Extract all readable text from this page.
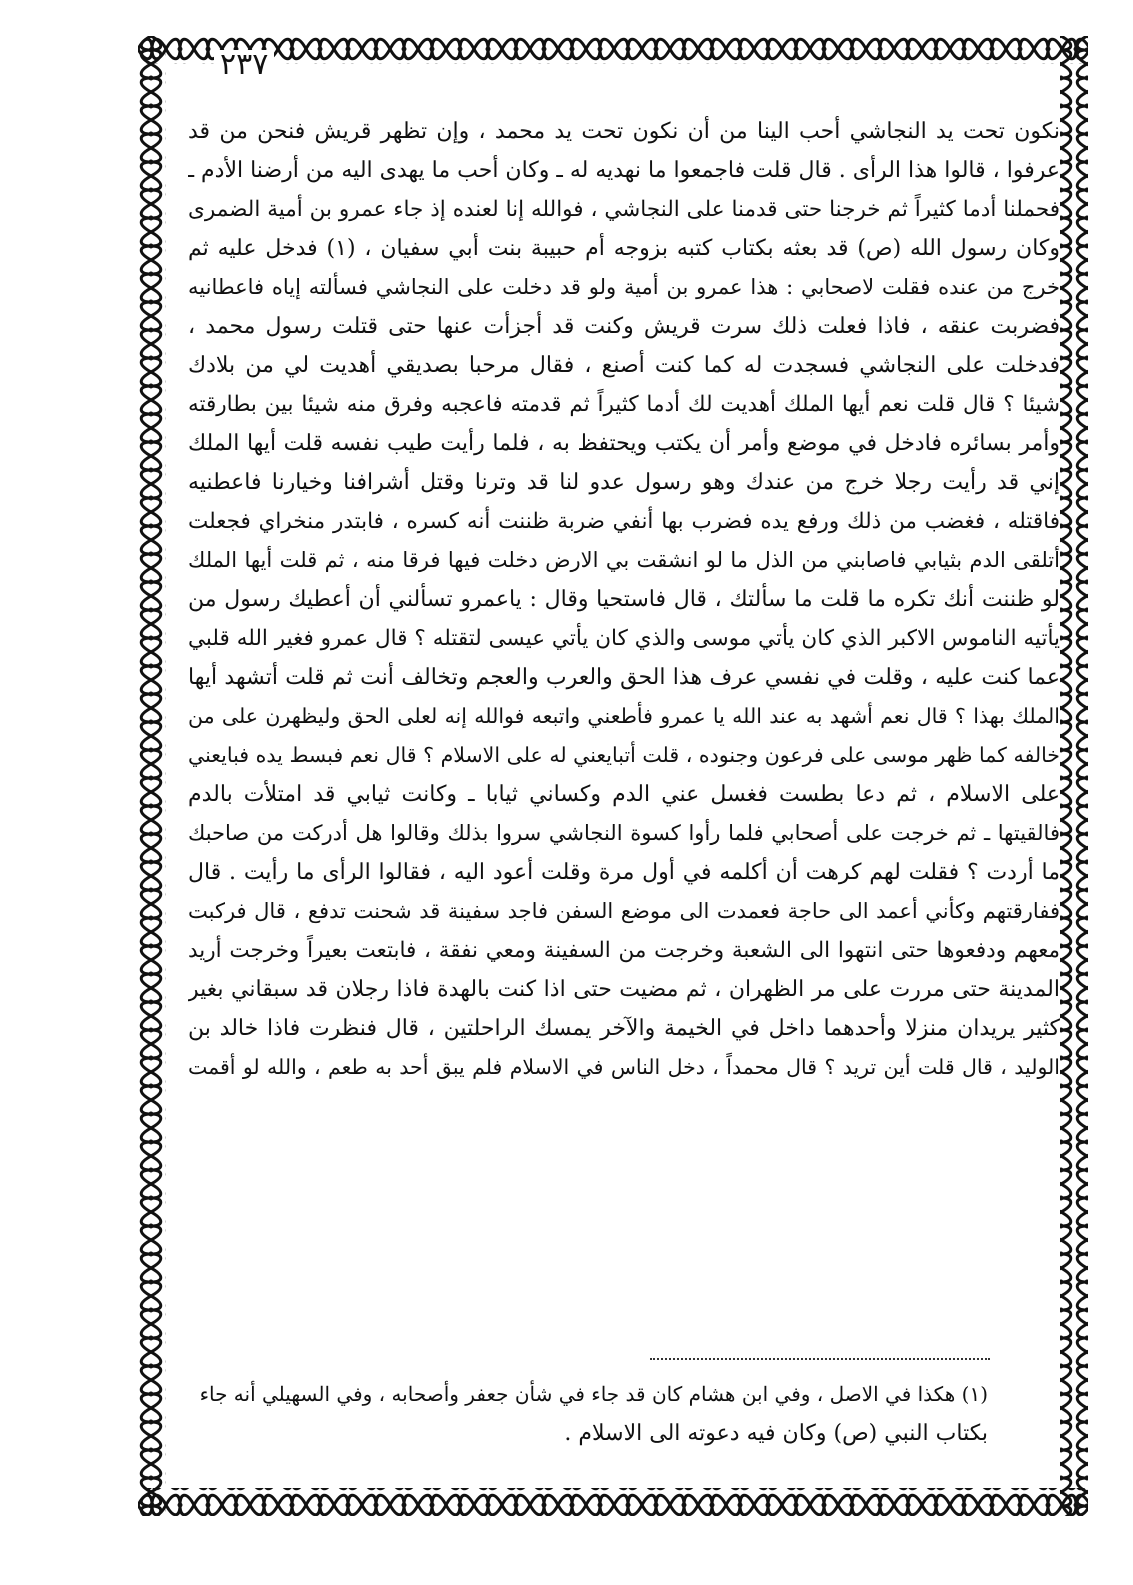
٢٣٧
نكون تحت يد النجاشي أحب الينا من أن نكون تحت يد محمد ، وإن تظهر قريش فنحن من قد
عرفوا ، قالوا هذا الرأى . قال قلت فاجمعوا ما نهديه له ـ وكان أحب ما يهدى اليه من أرضنا الأدم ـ
فحملنا أدما كثيراً ثم خرجنا حتى قدمنا على النجاشي ، فوالله إنا لعنده إذ جاء عمرو بن أمية الضمرى
وكان رسول الله (ص) قد بعثه بكتاب كتبه بزوجه أم حبيبة بنت أبي سفيان ، (١) فدخل عليه ثم
خرج من عنده فقلت لاصحابي : هذا عمرو بن أمية ولو قد دخلت على النجاشي فسألته إياه فاعطانيه
فضربت عنقه ، فاذا فعلت ذلك سرت قريش وكنت قد أجزأت عنها حتى قتلت رسول محمد ،
فدخلت على النجاشي فسجدت له كما كنت أصنع ، فقال مرحبا بصديقي أهديت لي من بلادك
شيئا ؟ قال قلت نعم أيها الملك أهديت لك أدما كثيراً ثم قدمته فاعجبه وفرق منه شيئا بين بطارقته
وأمر بسائره فادخل في موضع وأمر أن يكتب ويحتفظ به ، فلما رأيت طيب نفسه قلت أيها الملك
إني قد رأيت رجلا خرج من عندك وهو رسول عدو لنا قد وترنا وقتل أشرافنا وخيارنا فاعطنيه
فاقتله ، فغضب من ذلك ورفع يده فضرب بها أنفي ضربة ظننت أنه كسره ، فابتدر منخراي فجعلت
أتلقى الدم بثيابي فاصابني من الذل ما لو انشقت بي الارض دخلت فيها فرقا منه ، ثم قلت أيها الملك
لو ظننت أنك تكره ما قلت ما سألتك ، قال فاستحيا وقال : ياعمرو تسألني أن أعطيك رسول من
يأتيه الناموس الاكبر الذي كان يأتي موسى والذي كان يأتي عيسى لتقتله ؟ قال عمرو فغير الله قلبي
عما كنت عليه ، وقلت في نفسي عرف هذا الحق والعرب والعجم وتخالف أنت ثم قلت أتشهد أيها
الملك بهذا ؟ قال نعم أشهد به عند الله يا عمرو فأطعني واتبعه فوالله إنه لعلى الحق وليظهرن على من
خالفه كما ظهر موسى على فرعون وجنوده ، قلت أتبايعني له على الاسلام ؟ قال نعم فبسط يده فبايعني
على الاسلام ، ثم دعا بطست فغسل عني الدم وكساني ثيابا ـ وكانت ثيابي قد امتلأت بالدم
فالقيتها ـ ثم خرجت على أصحابي فلما رأوا كسوة النجاشي سروا بذلك وقالوا هل أدركت من صاحبك
ما أردت ؟ فقلت لهم كرهت أن أكلمه في أول مرة وقلت أعود اليه ، فقالوا الرأى ما رأيت . قال
ففارقتهم وكأني أعمد الى حاجة فعمدت الى موضع السفن فاجد سفينة قد شحنت تدفع ، قال فركبت
معهم ودفعوها حتى انتهوا الى الشعبة وخرجت من السفينة ومعي نفقة ، فابتعت بعيراً وخرجت أريد
المدينة حتى مررت على مر الظهران ، ثم مضيت حتى اذا كنت بالهدة فاذا رجلان قد سبقاني بغير
كثير يريدان منزلا وأحدهما داخل في الخيمة والآخر يمسك الراحلتين ، قال فنظرت فاذا خالد بن
الوليد ، قال قلت أين تريد ؟ قال محمداً ، دخل الناس في الاسلام فلم يبق أحد به طعم ، والله لو أقمت
(١) هكذا في الاصل ، وفي ابن هشام كان قد جاء في شأن جعفر وأصحابه ، وفي السهيلي أنه جاء
بكتاب النبي (ص) وكان فيه دعوته الى الاسلام .
